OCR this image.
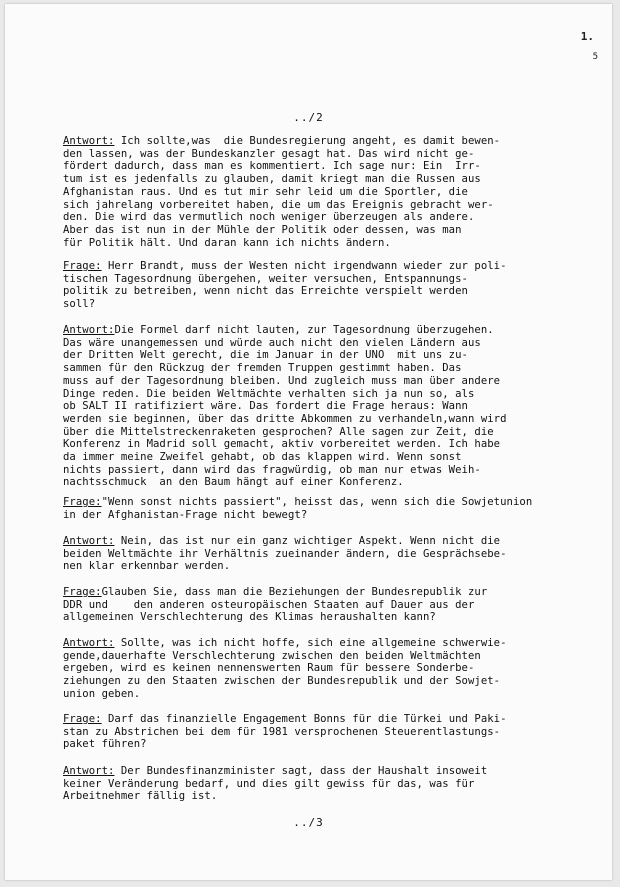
1.
5
../2
Antwort: Ich sollte,was  die Bundesregierung angeht, es damit bewen-
den lassen, was der Bundeskanzler gesagt hat. Das wird nicht ge-
fördert dadurch, dass man es kommentiert. Ich sage nur: Ein  Irr-
tum ist es jedenfalls zu glauben, damit kriegt man die Russen aus
Afghanistan raus. Und es tut mir sehr leid um die Sportler, die
sich jahrelang vorbereitet haben, die um das Ereignis gebracht wer-
den. Die wird das vermutlich noch weniger überzeugen als andere.
Aber das ist nun in der Mühle der Politik oder dessen, was man
für Politik hält. Und daran kann ich nichts ändern.
Frage: Herr Brandt, muss der Westen nicht irgendwann wieder zur poli-
tischen Tagesordnung übergehen, weiter versuchen, Entspannungs-
politik zu betreiben, wenn nicht das Erreichte verspielt werden
soll?
Antwort:Die Formel darf nicht lauten, zur Tagesordnung überzugehen.
Das wäre unangemessen und würde auch nicht den vielen Ländern aus
der Dritten Welt gerecht, die im Januar in der UNO  mit uns zu-
sammen für den Rückzug der fremden Truppen gestimmt haben. Das
muss auf der Tagesordnung bleiben. Und zugleich muss man über andere
Dinge reden. Die beiden Weltmächte verhalten sich ja nun so, als
ob SALT II ratifiziert wäre. Das fordert die Frage heraus: Wann
werden sie beginnen, über das dritte Abkommen zu verhandeln,wann wird
über die Mittelstreckenraketen gesprochen? Alle sagen zur Zeit, die
Konferenz in Madrid soll gemacht, aktiv vorbereitet werden. Ich habe
da immer meine Zweifel gehabt, ob das klappen wird. Wenn sonst
nichts passiert, dann wird das fragwürdig, ob man nur etwas Weih-
nachtsschmuck  an den Baum hängt auf einer Konferenz.
Frage:"Wenn sonst nichts passiert", heisst das, wenn sich die Sowjetunion
in der Afghanistan-Frage nicht bewegt?
Antwort: Nein, das ist nur ein ganz wichtiger Aspekt. Wenn nicht die
beiden Weltmächte ihr Verhältnis zueinander ändern, die Gesprächsebe-
nen klar erkennbar werden.
Frage:Glauben Sie, dass man die Beziehungen der Bundesrepublik zur
DDR und    den anderen osteuropäischen Staaten auf Dauer aus der
allgemeinen Verschlechterung des Klimas heraushalten kann?
Antwort: Sollte, was ich nicht hoffe, sich eine allgemeine schwerwie-
gende,dauerhafte Verschlechterung zwischen den beiden Weltmächten
ergeben, wird es keinen nennenswerten Raum für bessere Sonderbe-
ziehungen zu den Staaten zwischen der Bundesrepublik und der Sowjet-
union geben.
Frage: Darf das finanzielle Engagement Bonns für die Türkei und Paki-
stan zu Abstrichen bei dem für 1981 versprochenen Steuerentlastungs-
paket führen?
Antwort: Der Bundesfinanzminister sagt, dass der Haushalt insoweit
keiner Veränderung bedarf, und dies gilt gewiss für das, was für
Arbeitnehmer fällig ist.
../3
